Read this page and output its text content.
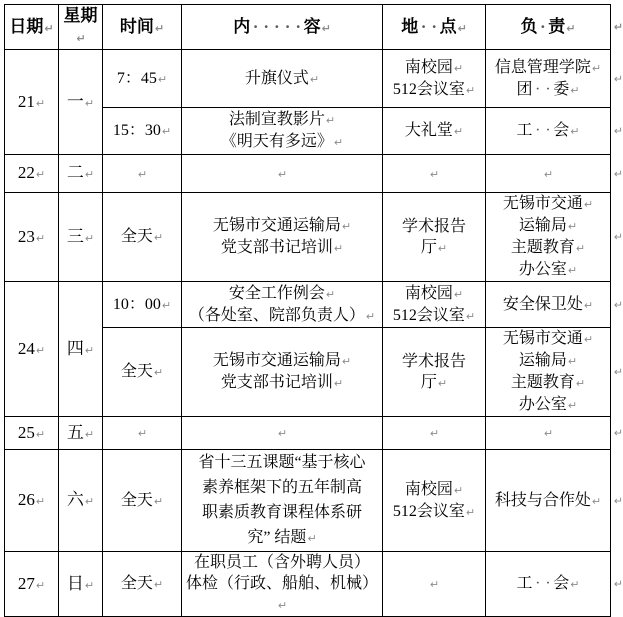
日期↵	星期↵	时间↵	内 · · · · · 容↵	地 · · 点↵	负 · 责↵ ↵

21↵	一↵	7：45↵	升旗仪式↵	南校园↵
512会议室↵	信息管理学院↵
团 · · 委↵
↵

		15：30↵	法制宣教影片↵
《明天有多远》↵	大礼堂↵	工 · · 会↵ ↵

22↵	二↵	↵	↵	↵	↵ ↵

23↵	三↵	全天↵	无锡市交通运输局↵
党支部书记培训↵	学术报告
厅↵	无锡市交通↵
运输局↵
主题教育↵
办公室↵
↵

24↵	四↵	10：00↵	安全工作例会↵
（各处室、院部负责人）↵	南校园↵
512会议室↵	安全保卫处↵ ↵

		全天↵	无锡市交通运输局↵
党支部书记培训↵	学术报告
厅↵	无锡市交通↵
运输局↵
主题教育↵
办公室↵
↵

25↵	五↵	↵	↵	↵	↵ ↵

26↵	六↵	全天↵	省十三五课题“基于核心
素养框架下的五年制高
职素质教育课程体系研
究” 结题↵	南校园↵
512会议室↵	科技与合作处↵ ↵

27↵	日↵	全天↵	在职员工（含外聘人员）
体检（行政、船舶、机械）↵	↵	工 · · 会↵ ↵
